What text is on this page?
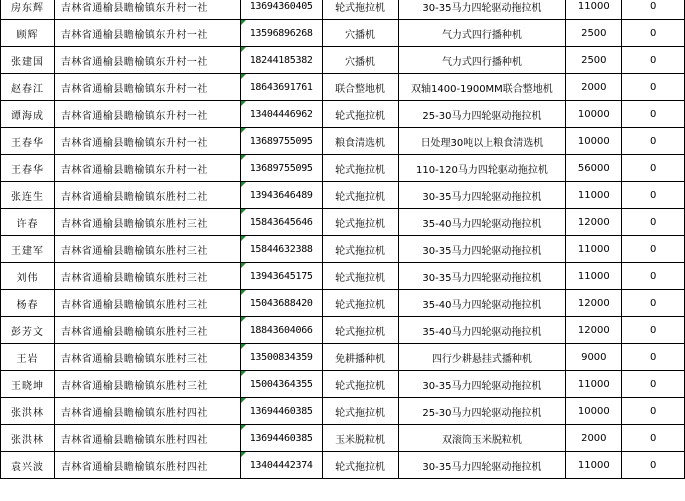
房东辉	吉林省通榆县瞻榆镇东升村一社	13694360405	轮式拖拉机	30-35马力四轮驱动拖拉机	11000	0
顾辉	吉林省通榆县瞻榆镇东升村一社	13596896268	穴播机	气力式四行播种机	2500	0
张建国	吉林省通榆县瞻榆镇东升村一社	18244185382	穴播机	气力式四行播种机	2500	0
赵春江	吉林省通榆县瞻榆镇东升村一社	18643691761	联合整地机	双轴1400-1900MM联合整地机	2000	0
谭海成	吉林省通榆县瞻榆镇东升村一社	13404446962	轮式拖拉机	25-30马力四轮驱动拖拉机	10000	0
王春华	吉林省通榆县瞻榆镇东升村一社	13689755095	粮食清选机	日处理30吨以上粮食清选机	10000	0
王春华	吉林省通榆县瞻榆镇东升村一社	13689755095	轮式拖拉机	110-120马力四轮驱动拖拉机	56000	0
张连生	吉林省通榆县瞻榆镇东胜村二社	13943646489	轮式拖拉机	30-35马力四轮驱动拖拉机	11000	0
许春	吉林省通榆县瞻榆镇东胜村三社	15843645646	轮式拖拉机	35-40马力四轮驱动拖拉机	12000	0
王建军	吉林省通榆县瞻榆镇东胜村三社	15844632388	轮式拖拉机	30-35马力四轮驱动拖拉机	11000	0
刘伟	吉林省通榆县瞻榆镇东胜村三社	13943645175	轮式拖拉机	30-35马力四轮驱动拖拉机	11000	0
杨春	吉林省通榆县瞻榆镇东胜村三社	15043688420	轮式拖拉机	35-40马力四轮驱动拖拉机	12000	0
彭芳文	吉林省通榆县瞻榆镇东胜村三社	18843604066	轮式拖拉机	35-40马力四轮驱动拖拉机	12000	0
王岩	吉林省通榆县瞻榆镇东胜村三社	13500834359	免耕播种机	四行少耕悬挂式播种机	9000	0
王晓坤	吉林省通榆县瞻榆镇东胜村三社	15004364355	轮式拖拉机	30-35马力四轮驱动拖拉机	11000	0
张洪林	吉林省通榆县瞻榆镇东胜村四社	13694460385	轮式拖拉机	25-30马力四轮驱动拖拉机	10000	0
张洪林	吉林省通榆县瞻榆镇东胜村四社	13694460385	玉米脱粒机	双滚筒玉米脱粒机	2000	0
袁兴波	吉林省通榆县瞻榆镇东胜村四社	13404442374	轮式拖拉机	30-35马力四轮驱动拖拉机	11000	0
